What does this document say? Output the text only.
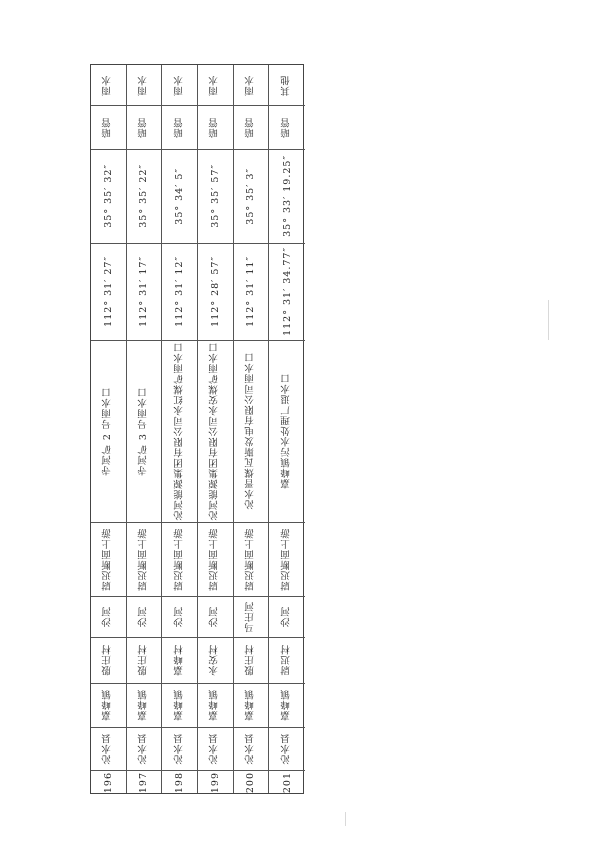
196
沁水县
嘉峰镇
殷庄村
沙河
尉迟断面上游
寺河矿 2 号雨水口
112° 31′ 27″
35° 35′ 32″
暗管
雨水
197
沁水县
嘉峰镇
殷庄村
沙河
尉迟断面上游
寺河矿 3 号雨水口
112° 31′ 17″
35° 35′ 22″
暗管
雨水
198
沁水县
嘉峰镇
嘉峰村
沙河
尉迟断面上游
沁河能源集团有限公司永红煤矿雨水口
112° 31′ 12″
35° 34′ 5″
暗管
雨水
199
沁水县
嘉峰镇
永安村
沙河
尉迟断面上游
沁河能源集团有限公司永安煤矿雨水口
112° 28′ 57″
35° 35′ 57″
暗管
雨水
200
沁水县
嘉峰镇
殷庄村
马庄河
尉迟断面上游
沁水晋煤瓦斯发电有限公司雨水口
112° 31′ 11″
35° 35′ 3″
暗管
雨水
201
沁水县
嘉峰镇
尉迟村
沙河
尉迟断面上游
嘉峰镇污水处理厂退水口
112° 31′ 34.77″
35° 33′ 19.25″
暗管
其他
